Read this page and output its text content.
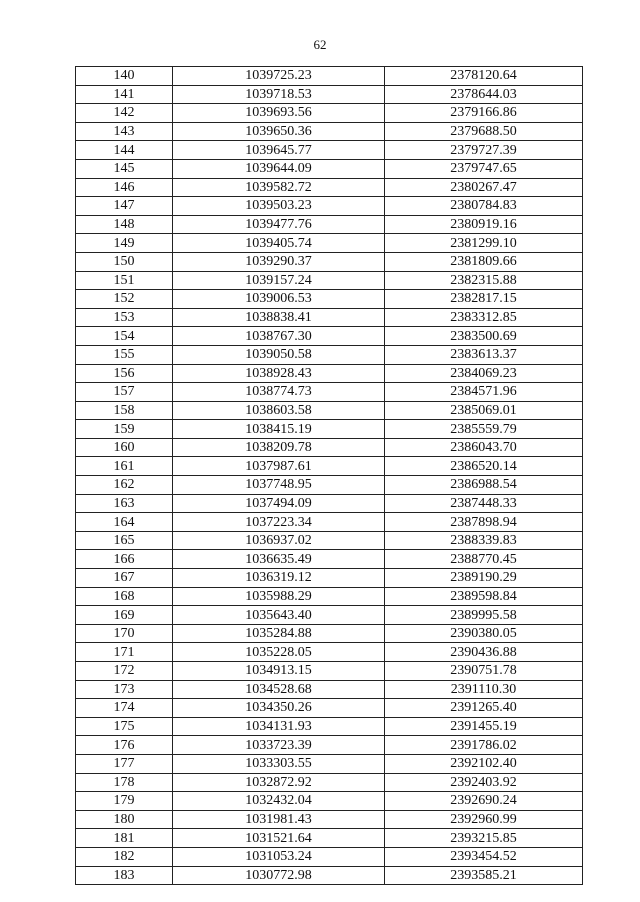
62
140	1039725.23	2378120.64
141	1039718.53	2378644.03
142	1039693.56	2379166.86
143	1039650.36	2379688.50
144	1039645.77	2379727.39
145	1039644.09	2379747.65
146	1039582.72	2380267.47
147	1039503.23	2380784.83
148	1039477.76	2380919.16
149	1039405.74	2381299.10
150	1039290.37	2381809.66
151	1039157.24	2382315.88
152	1039006.53	2382817.15
153	1038838.41	2383312.85
154	1038767.30	2383500.69
155	1039050.58	2383613.37
156	1038928.43	2384069.23
157	1038774.73	2384571.96
158	1038603.58	2385069.01
159	1038415.19	2385559.79
160	1038209.78	2386043.70
161	1037987.61	2386520.14
162	1037748.95	2386988.54
163	1037494.09	2387448.33
164	1037223.34	2387898.94
165	1036937.02	2388339.83
166	1036635.49	2388770.45
167	1036319.12	2389190.29
168	1035988.29	2389598.84
169	1035643.40	2389995.58
170	1035284.88	2390380.05
171	1035228.05	2390436.88
172	1034913.15	2390751.78
173	1034528.68	2391110.30
174	1034350.26	2391265.40
175	1034131.93	2391455.19
176	1033723.39	2391786.02
177	1033303.55	2392102.40
178	1032872.92	2392403.92
179	1032432.04	2392690.24
180	1031981.43	2392960.99
181	1031521.64	2393215.85
182	1031053.24	2393454.52
183	1030772.98	2393585.21
